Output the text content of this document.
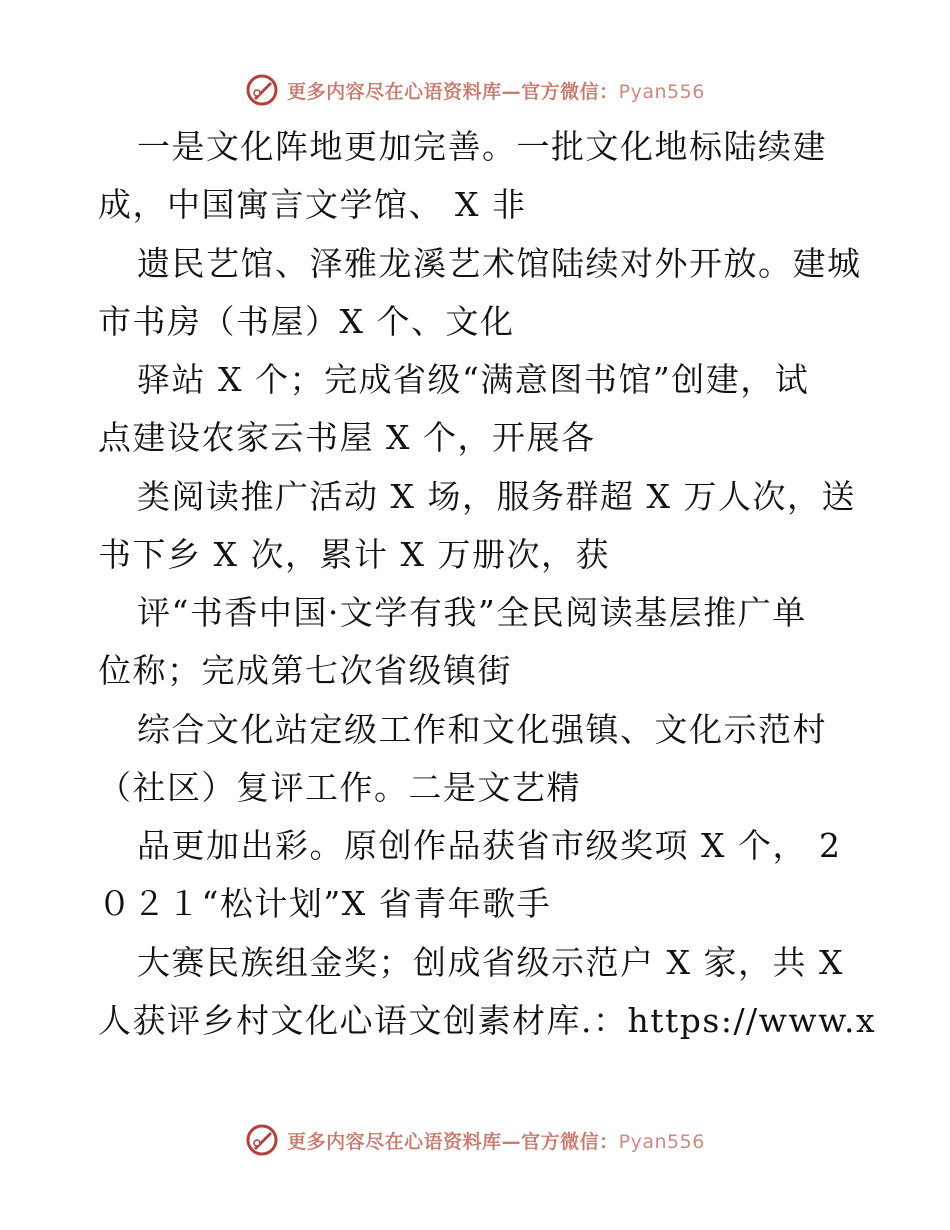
更多内容尽在心语资料库—官方微信：Pyan556
一是文化阵地更加完善。一批文化地标陆续建
成，中国寓言文学馆、 X 非
遗民艺馆、泽雅龙溪艺术馆陆续对外开放。建城
市书房（书屋）X 个、文化
驿站 X 个；完成省级“满意图书馆”创建，试
点建设农家云书屋 X 个，开展各
类阅读推广活动 X 场，服务群超 X 万人次，送
书下乡 X 次，累计 X 万册次，获
评“书香中国·文学有我”全民阅读基层推广单
位称；完成第七次省级镇街
综合文化站定级工作和文化强镇、文化示范村
（社区）复评工作。二是文艺精
品更加出彩。原创作品获省市级奖项 X 个， 2
０２１“松计划”X 省青年歌手
大赛民族组金奖；创成省级示范户 X 家，共 X
人获评乡村文化心语文创素材库.：https://www.x
更多内容尽在心语资料库—官方微信：Pyan556
